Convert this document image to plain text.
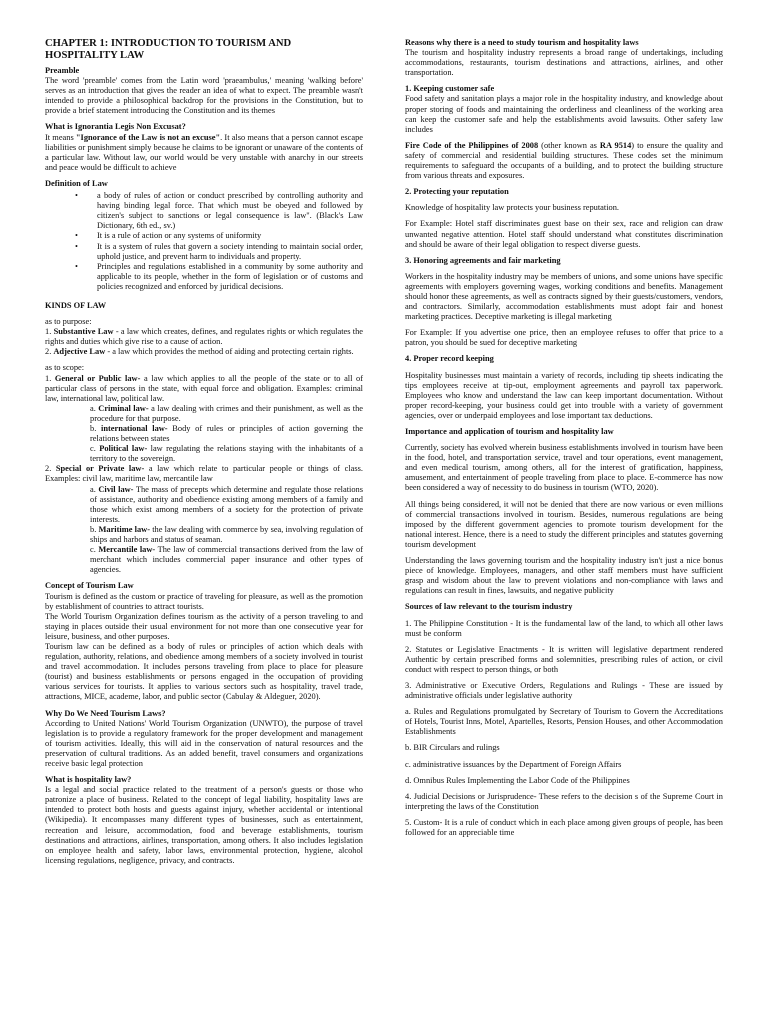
CHAPTER 1: INTRODUCTION TO TOURISM AND HOSPITALITY LAW
Preamble

The word 'preamble' comes from the Latin word 'praeambulus,' meaning 'walking before' serves as an introduction that gives the reader an idea of what to expect. The preamble wasn't intended to provide a philosophical backdrop for the provisions in the Constitution, but to provide a brief statement introducing the Constitution and its themes

What is Ignorantia Legis Non Excusat?

It means "Ignorance of the Law is not an excuse". It also means that a person cannot escape liabilities or punishment simply because he claims to be ignorant or unaware of the contents of a particular law. Without law, our world would be very unstable with anarchy in our streets and peace would be difficult to achieve

Definition of Law
• a body of rules of action or conduct prescribed by controlling authority and having binding legal force. That which must be obeyed and followed by citizen's subject to sanctions or legal consequence is law". (Black's Law Dictionary, 6th ed., sv.)
• It is a rule of action or any systems of uniformity
• It is a system of rules that govern a society intending to maintain social order, uphold justice, and prevent harm to individuals and property.
• Principles and regulations established in a community by some authority and applicable to its people, whether in the form of legislation or of customs and policies recognized and enforced by juridical decisions.
KINDS OF LAW

as to purpose:

1. Substantive Law - a law which creates, defines, and regulates rights or which regulates the rights and duties which give rise to a cause of action.

2. Adjective Law - a law which provides the method of aiding and protecting certain rights.

as to scope:

1. General or Public law- a law which applies to all the people of the state or to all of particular class of persons in the state, with equal force and obligation. Examples: criminal law, international law, political law.

a. Criminal law- a law dealing with crimes and their punishment, as well as the procedure for that purpose.

b. international law- Body of rules or principles of action governing the relations between states

c. Political law- law regulating the relations staying with the inhabitants of a territory to the sovereign.

2. Special or Private law- a law which relate to particular people or things of class. Examples: civil law, maritime law, mercantile law

a. Civil law- The mass of precepts which determine and regulate those relations of assistance, authority and obedience existing among members of a family and those which exist among members of a society for the protection of private interests.

b. Maritime law- the law dealing with commerce by sea, involving regulation of ships and harbors and status of seaman.

c. Mercantile law- The law of commercial transactions derived from the law of merchant which includes commercial paper insurance and other types of agencies.

Concept of Tourism Law

Tourism is defined as the custom or practice of traveling for pleasure, as well as the promotion by establishment of countries to attract tourists.

The World Tourism Organization defines tourism as the activity of a person traveling to and staying in places outside their usual environment for not more than one consecutive year for leisure, business, and other purposes.

Tourism law can be defined as a body of rules or principles of action which deals with regulation, authority, relations, and obedience among members of a society involved in tourist and travel accommodation. It includes persons traveling from place to place for pleasure (tourist) and business establishments or persons engaged in the occupation of providing various services for tourists. It applies to various sectors such as hospitality, travel trade, attractions, MICE, academe, labor, and public sector (Cabulay & Aldeguer, 2020).

Why Do We Need Tourism Laws?

According to United Nations' World Tourism Organization (UNWTO), the purpose of travel legislation is to provide a regulatory framework for the proper development and management of tourism activities. Ideally, this will aid in the conservation of natural resources and the preservation of cultural traditions. As an added benefit, travel consumers and organizations receive basic legal protection

What is hospitality law?

Is a legal and social practice related to the treatment of a person's guests or those who patronize a place of business. Related to the concept of legal liability, hospitality laws are intended to protect both hosts and guests against injury, whether accidental or intentional (Wikipedia). It encompasses many different types of businesses, such as entertainment, recreation and leisure, accommodation, food and beverage establishments, tourism destinations and attractions, airlines, transportation, among others. It also includes legislation on employee health and safety, labor laws, environmental protection, hygiene, alcohol licensing regulations, negligence, privacy, and contracts.

Reasons why there is a need to study tourism and hospitality laws

The tourism and hospitality industry represents a broad range of undertakings, including accommodations, restaurants, tourism destinations and attractions, airlines, and other transportation.

1. Keeping customer safe

Food safety and sanitation plays a major role in the hospitality industry, and knowledge about proper storing of foods and maintaining the orderliness and cleanliness of the working area can keep the customer safe and help the establishments avoid lawsuits. Other safety law includes

Fire Code of the Philippines of 2008 (other known as RA 9514) to ensure the quality and safety of commercial and residential building structures. These codes set the minimum requirements to safeguard the occupants of a building, and to protect the building structure from various threats and exposures.

2. Protecting your reputation

Knowledge of hospitality law protects your business reputation.

For Example: Hotel staff discriminates guest base on their sex, race and religion can draw unwanted negative attention. Hotel staff should understand what constitutes discrimination and should be aware of their legal obligation to respect diverse guests.

3. Honoring agreements and fair marketing

Workers in the hospitality industry may be members of unions, and some unions have specific agreements with employers governing wages, working conditions and benefits. Management should honor these agreements, as well as contracts signed by their guests/customers, vendors, and contractors. Similarly, accommodation establishments must adopt fair and honest marketing practices. Deceptive marketing is illegal marketing

For Example: If you advertise one price, then an employee refuses to offer that price to a patron, you should be sued for deceptive marketing

4. Proper record keeping

Hospitality businesses must maintain a variety of records, including tip sheets indicating the tips employees receive at tip-out, employment agreements and payroll tax paperwork. Employees who know and understand the law can keep important documentation. Without proper record-keeping, your business could get into trouble with a variety of government agencies, over or underpaid employees and lose important tax deductions.

Importance and application of tourism and hospitality law

Currently, society has evolved wherein business establishments involved in tourism have been in the food, hotel, and transportation service, travel and tour operations, event management, and even medical tourism, among others, all for the interest of gratification, happiness, amusement, and entertainment of people traveling from place to place. E-commerce has now been considered a way of necessity to do business in tourism (WTO, 2020).

All things being considered, it will not be denied that there are now various or even millions of commercial transactions involved in tourism. Besides, numerous regulations are being imposed by the different government agencies to promote tourism development for the national interest. Hence, there is a need to study the different principles and statutes governing tourism development

Understanding the laws governing tourism and the hospitality industry isn't just a nice bonus piece of knowledge. Employees, managers, and other staff members must have sufficient grasp and wisdom about the law to prevent violations and non-compliance with laws and regulations can result in fines, lawsuits, and negative publicity

Sources of law relevant to the tourism industry

1. The Philippine Constitution - It is the fundamental law of the land, to which all other laws must be conform

2. Statutes or Legislative Enactments - It is written will legislative department rendered Authentic by certain prescribed forms and solemnities, prescribing rules of action, or civil conduct with respect to person things, or both

3. Administrative or Executive Orders, Regulations and Rulings - These are issued by administrative officials under legislative authority

a. Rules and Regulations promulgated by Secretary of Tourism to Govern the Accreditations of Hotels, Tourist Inns, Motel, Apartelles, Resorts, Pension Houses, and other Accommodation Establishments

b. BIR Circulars and rulings

c. administrative issuances by the Department of Foreign Affairs

d. Omnibus Rules Implementing the Labor Code of the Philippines

4. Judicial Decisions or Jurisprudence- These refers to the decision s of the Supreme Court in interpreting the laws of the Constitution

5. Custom- It is a rule of conduct which in each place among given groups of people, has been followed for an appreciable time
